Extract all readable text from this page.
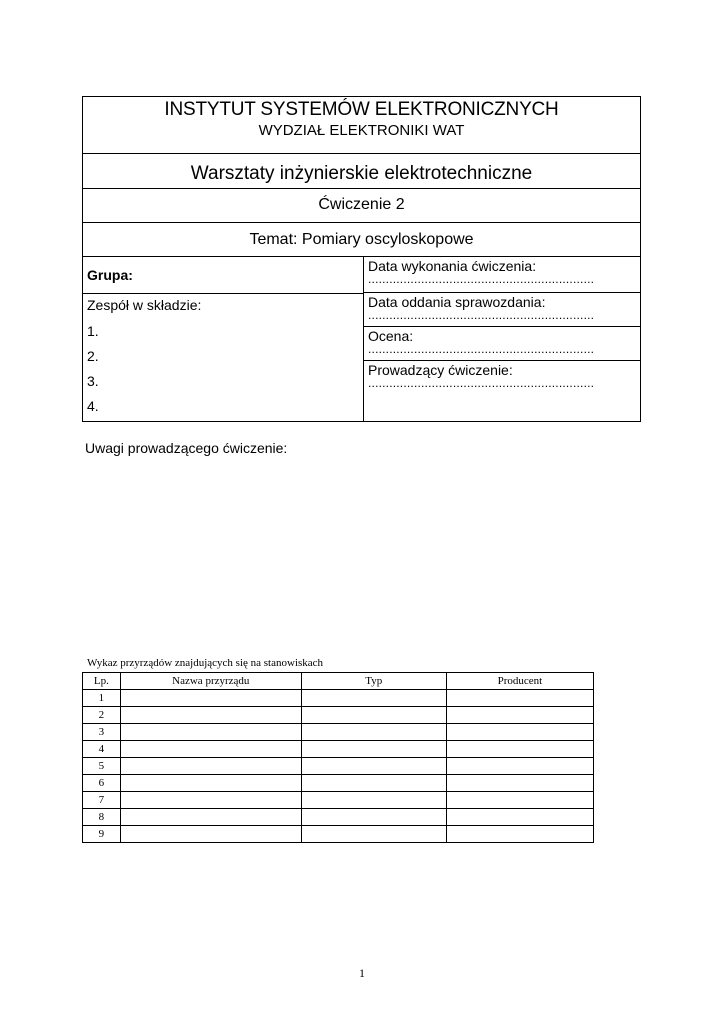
INSTYTUT SYSTEMÓW ELEKTRONICZNYCH
WYDZIAŁ ELEKTRONIKI WAT
Warsztaty inżynierskie elektrotechniczne
Ćwiczenie 2
Temat: Pomiary oscyloskopowe
Grupa:
Zespół w składzie:
1.
2.
3.
4.
Data wykonania ćwiczenia:
................................................................
Data oddania sprawozdania:
................................................................
Ocena:
................................................................
Prowadzący ćwiczenie:
................................................................
Uwagi prowadzącego ćwiczenie:
Wykaz przyrządów znajdujących się na stanowiskach
Lp.	Nazwa przyrządu	Typ	Producent
1			
2			
3			
4			
5			
6			
7			
8			
9			
1
